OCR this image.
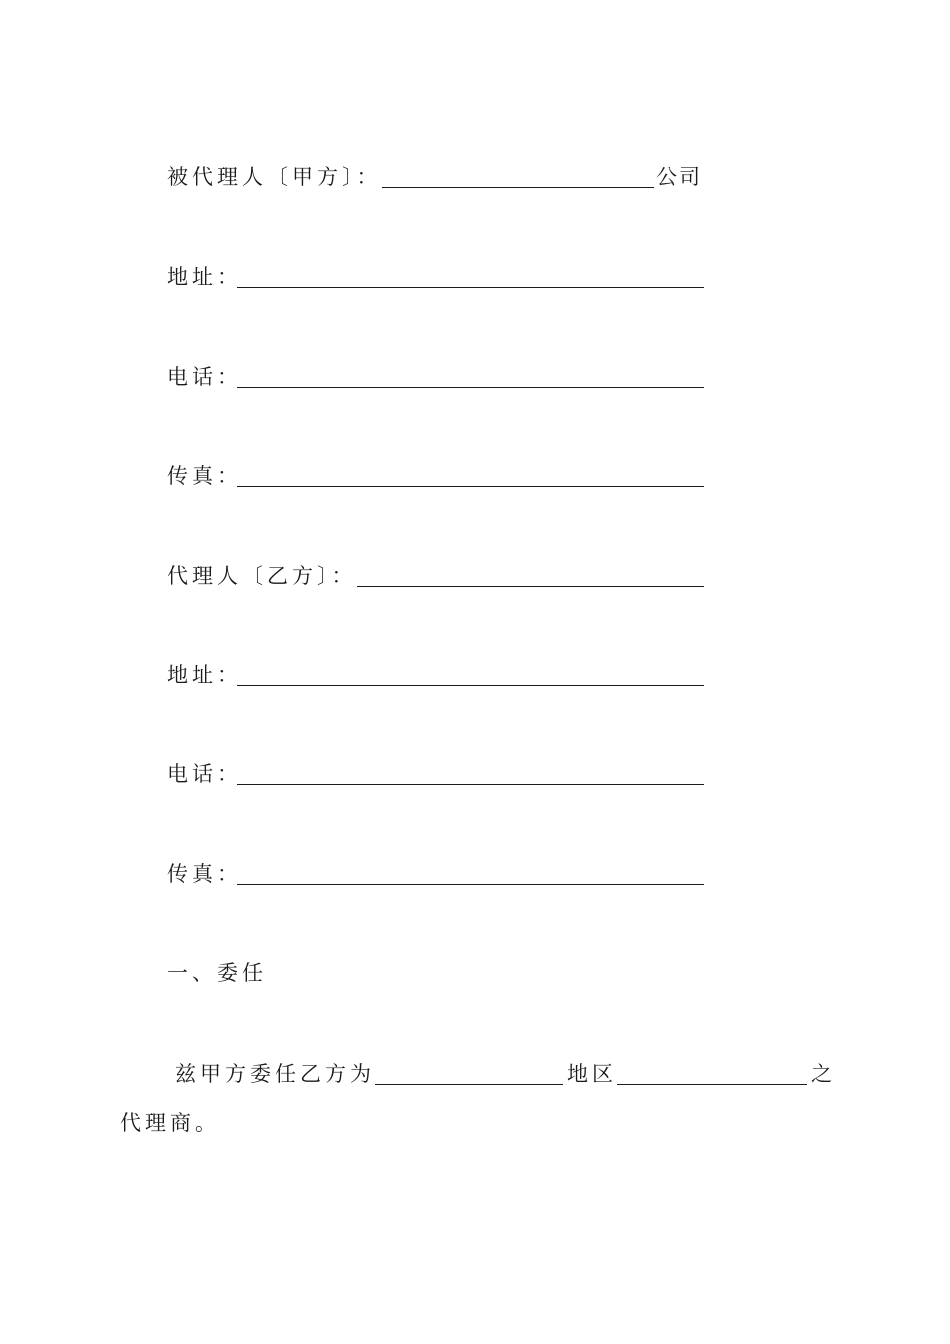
被代理人〔甲方〕：	公司
地址：
电话：
传真：
代理人〔乙方〕：
地址：
电话：
传真：
一、委任
兹甲方委任乙方为	地区	之
代理商。
